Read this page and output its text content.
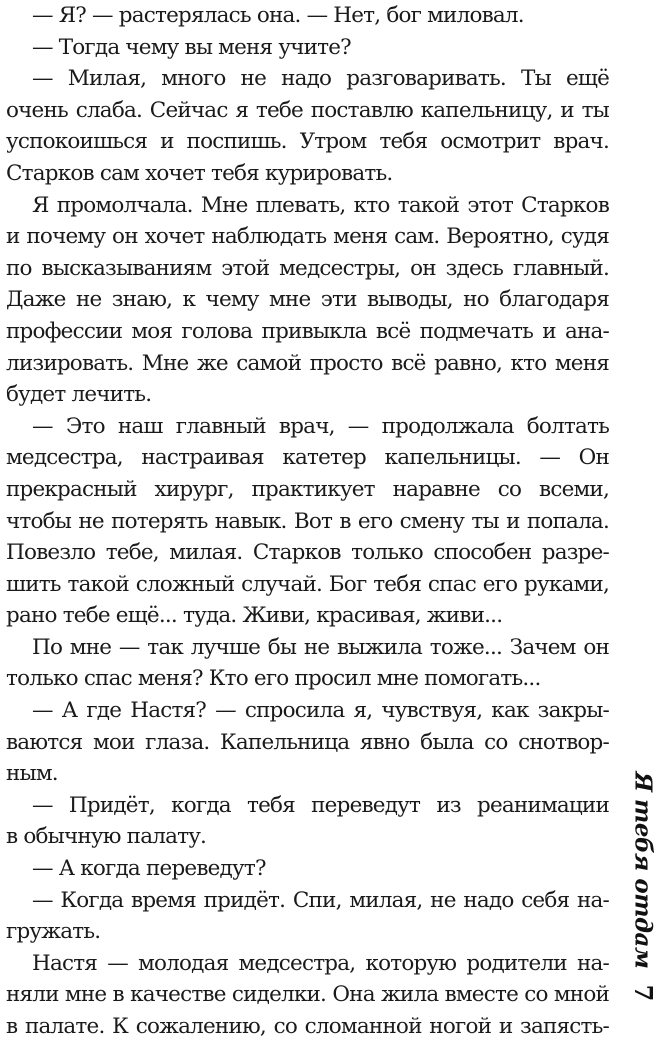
— Я? — растерялась она. — Нет, бог миловал.
— Тогда чему вы меня учите?
— Милая, много не надо разговаривать. Ты ещё
очень слаба. Сейчас я тебе поставлю капельницу, и ты
успокоишься и поспишь. Утром тебя осмотрит врач.
Старков сам хочет тебя курировать.
Я промолчала. Мне плевать, кто такой этот Старков
и почему он хочет наблюдать меня сам. Вероятно, судя
по высказываниям этой медсестры, он здесь главный.
Даже не знаю, к чему мне эти выводы, но благодаря
профессии моя голова привыкла всё подмечать и ана-
лизировать. Мне же самой просто всё равно, кто меня
будет лечить.
— Это наш главный врач, — продолжала болтать
медсестра, настраивая катетер капельницы. — Он
прекрасный хирург, практикует наравне со всеми,
чтобы не потерять навык. Вот в его смену ты и попала.
Повезло тебе, милая. Старков только способен разре-
шить такой сложный случай. Бог тебя спас его руками,
рано тебе ещё... туда. Живи, красивая, живи...
По мне — так лучше бы не выжила тоже... Зачем он
только спас меня? Кто его просил мне помогать...
— А где Настя? — спросила я, чувствуя, как закры-
ваются мои глаза. Капельница явно была со снотвор-
ным.
— Придёт, когда тебя переведут из реанимации
в обычную палату.
— А когда переведут?
— Когда время придёт. Спи, милая, не надо себя на-
гружать.
Настя — молодая медсестра, которую родители на-
няли мне в качестве сиделки. Она жила вместе со мной
в палате. К сожалению, со сломанной ногой и запясть-
Я тебя отдам
7
